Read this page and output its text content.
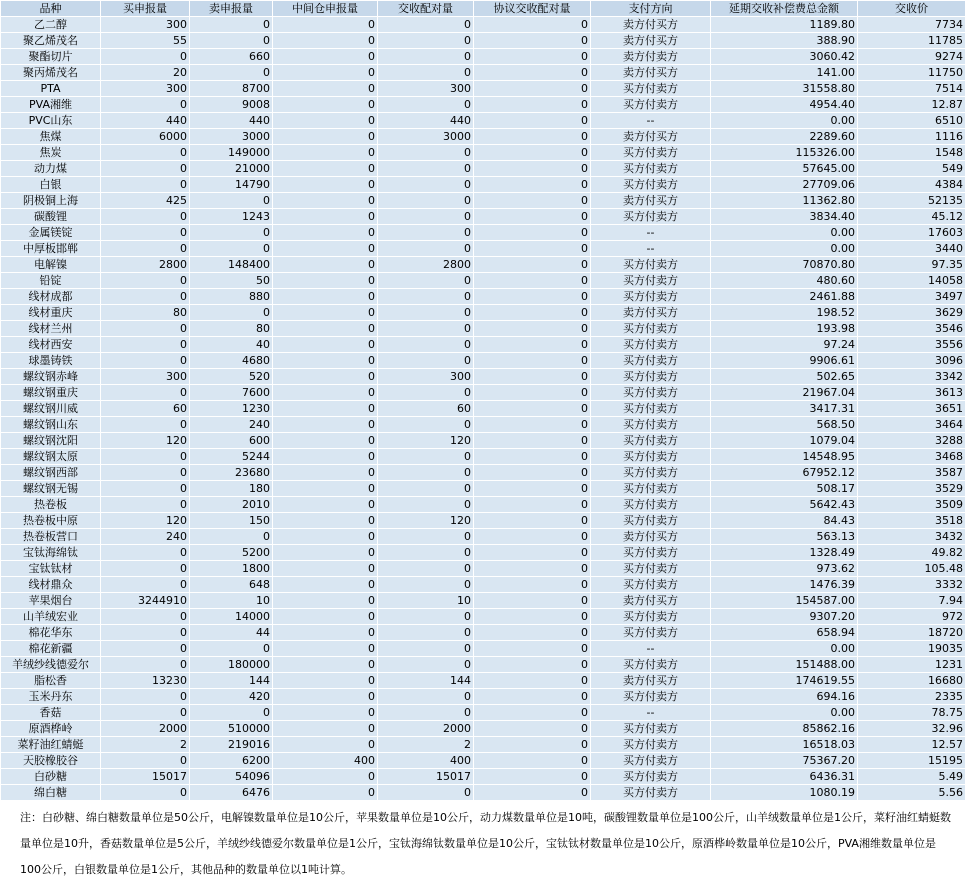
品种	买申报量	卖申报量	中间仓申报量	交收配对量	协议交收配对量	支付方向	延期交收补偿费总金额	交收价
乙二醇	300	0	0	0	0	卖方付买方	1189.80	7734
聚乙烯茂名	55	0	0	0	0	卖方付买方	388.90	11785
聚酯切片	0	660	0	0	0	卖方付卖方	3060.42	9274
聚丙烯茂名	20	0	0	0	0	卖方付买方	141.00	11750
PTA	300	8700	0	300	0	买方付卖方	31558.80	7514
PVA湘维	0	9008	0	0	0	买方付卖方	4954.40	12.87
PVC山东	440	440	0	440	0	--	0.00	6510
焦煤	6000	3000	0	3000	0	卖方付买方	2289.60	1116
焦炭	0	149000	0	0	0	买方付卖方	115326.00	1548
动力煤	0	21000	0	0	0	买方付卖方	57645.00	549
白银	0	14790	0	0	0	买方付卖方	27709.06	4384
阴极铜上海	425	0	0	0	0	卖方付买方	11362.80	52135
碳酸锂	0	1243	0	0	0	买方付卖方	3834.40	45.12
金属镁锭	0	0	0	0	0	--	0.00	17603
中厚板邯郸	0	0	0	0	0	--	0.00	3440
电解镍	2800	148400	0	2800	0	买方付卖方	70870.80	97.35
铅锭	0	50	0	0	0	买方付卖方	480.60	14058
线材成都	0	880	0	0	0	买方付卖方	2461.88	3497
线材重庆	80	0	0	0	0	卖方付买方	198.52	3629
线材兰州	0	80	0	0	0	买方付卖方	193.98	3546
线材西安	0	40	0	0	0	买方付卖方	97.24	3556
球墨铸铁	0	4680	0	0	0	买方付卖方	9906.61	3096
螺纹钢赤峰	300	520	0	300	0	买方付卖方	502.65	3342
螺纹钢重庆	0	7600	0	0	0	买方付卖方	21967.04	3613
螺纹钢川威	60	1230	0	60	0	买方付卖方	3417.31	3651
螺纹钢山东	0	240	0	0	0	买方付卖方	568.50	3464
螺纹钢沈阳	120	600	0	120	0	买方付卖方	1079.04	3288
螺纹钢太原	0	5244	0	0	0	买方付卖方	14548.95	3468
螺纹钢西部	0	23680	0	0	0	买方付卖方	67952.12	3587
螺纹钢无锡	0	180	0	0	0	买方付卖方	508.17	3529
热卷板	0	2010	0	0	0	买方付卖方	5642.43	3509
热卷板中原	120	150	0	120	0	买方付卖方	84.43	3518
热卷板营口	240	0	0	0	0	卖方付买方	563.13	3432
宝钛海绵钛	0	5200	0	0	0	买方付卖方	1328.49	49.82
宝钛钛材	0	1800	0	0	0	买方付卖方	973.62	105.48
线材鼎众	0	648	0	0	0	买方付卖方	1476.39	3332
苹果烟台	3244910	10	0	10	0	卖方付买方	154587.00	7.94
山羊绒宏业	0	14000	0	0	0	买方付卖方	9307.20	972
棉花华东	0	44	0	0	0	买方付卖方	658.94	18720
棉花新疆	0	0	0	0	0	--	0.00	19035
羊绒纱线德爱尔	0	180000	0	0	0	买方付卖方	151488.00	1231
脂松香	13230	144	0	144	0	卖方付买方	174619.55	16680
玉米丹东	0	420	0	0	0	买方付卖方	694.16	2335
香菇	0	0	0	0	0	--	0.00	78.75
原酒桦岭	2000	510000	0	2000	0	买方付卖方	85862.16	32.96
菜籽油红蜻蜓	2	219016	0	2	0	买方付卖方	16518.03	12.57
天胶橡胶谷	0	6200	400	400	0	买方付卖方	75367.20	15195
白砂糖	15017	54096	0	15017	0	买方付卖方	6436.31	5.49
绵白糖	0	6476	0	0	0	买方付卖方	1080.19	5.56
注：白砂糖、绵白糖数量单位是50公斤，电解镍数量单位是10公斤，苹果数量单位是10公斤，动力煤数量单位是10吨，碳酸锂数量单位是100公斤，山羊绒数量单位是1公斤，菜籽油红蜻蜓数量单位是10升，香菇数量单位是5公斤，羊绒纱线德爱尔数量单位是1公斤，宝钛海绵钛数量单位是10公斤，宝钛钛材数量单位是10公斤，原酒桦岭数量单位是10公斤，PVA湘维数量单位是100公斤，白银数量单位是1公斤，其他品种的数量单位以1吨计算。
